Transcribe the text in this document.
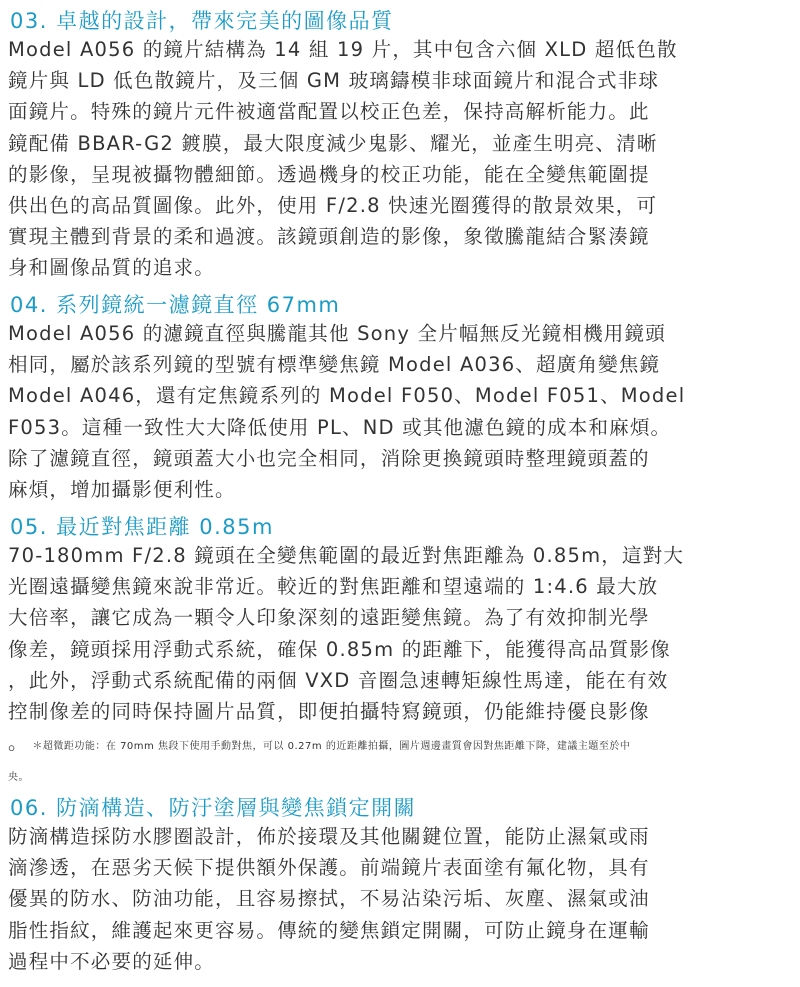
03. 卓越的設計，帶來完美的圖像品質
Model A056 的鏡片結構為 14 組 19 片，其中包含六個 XLD 超低色散
鏡片與 LD 低色散鏡片，及三個 GM 玻璃鑄模非球面鏡片和混合式非球
面鏡片。特殊的鏡片元件被適當配置以校正色差，保持高解析能力。此
鏡配備 BBAR-G2 鍍膜，最大限度減少鬼影、耀光，並產生明亮、清晰
的影像，呈現被攝物體細節。透過機身的校正功能，能在全變焦範圍提
供出色的高品質圖像。此外，使用 F/2.8 快速光圈獲得的散景效果，可
實現主體到背景的柔和過渡。該鏡頭創造的影像，象徵騰龍結合緊湊鏡
身和圖像品質的追求。
04. 系列鏡統一濾鏡直徑 67mm
Model A056 的濾鏡直徑與騰龍其他 Sony 全片幅無反光鏡相機用鏡頭
相同，屬於該系列鏡的型號有標準變焦鏡 Model A036、超廣角變焦鏡
Model A046，還有定焦鏡系列的 Model F050、Model F051、Model
F053。這種一致性大大降低使用 PL、ND 或其他濾色鏡的成本和麻煩。
除了濾鏡直徑，鏡頭蓋大小也完全相同，消除更換鏡頭時整理鏡頭蓋的
麻煩，增加攝影便利性。
05. 最近對焦距離 0.85m
70-180mm F/2.8 鏡頭在全變焦範圍的最近對焦距離為 0.85m，這對大
光圈遠攝變焦鏡來說非常近。較近的對焦距離和望遠端的 1:4.6 最大放
大倍率，讓它成為一顆令人印象深刻的遠距變焦鏡。為了有效抑制光學
像差，鏡頭採用浮動式系統，確保 0.85m 的距離下，能獲得高品質影像
，此外，浮動式系統配備的兩個 VXD 音圈急速轉矩線性馬達，能在有效
控制像差的同時保持圖片品質，即便拍攝特寫鏡頭，仍能維持優良影像
。 ＊超微距功能：在 70mm 焦段下使用手動對焦，可以 0.27m 的近距離拍攝，圖片週邊畫質會因對焦距離下降，建議主題至於中
央。
06. 防滴構造、防汙塗層與變焦鎖定開關
防滴構造採防水膠圈設計，佈於接環及其他關鍵位置，能防止濕氣或雨
滴滲透，在惡劣天候下提供額外保護。前端鏡片表面塗有氟化物，具有
優異的防水、防油功能，且容易擦拭，不易沾染污垢、灰塵、濕氣或油
脂性指紋，維護起來更容易。傳統的變焦鎖定開關，可防止鏡身在運輸
過程中不必要的延伸。
